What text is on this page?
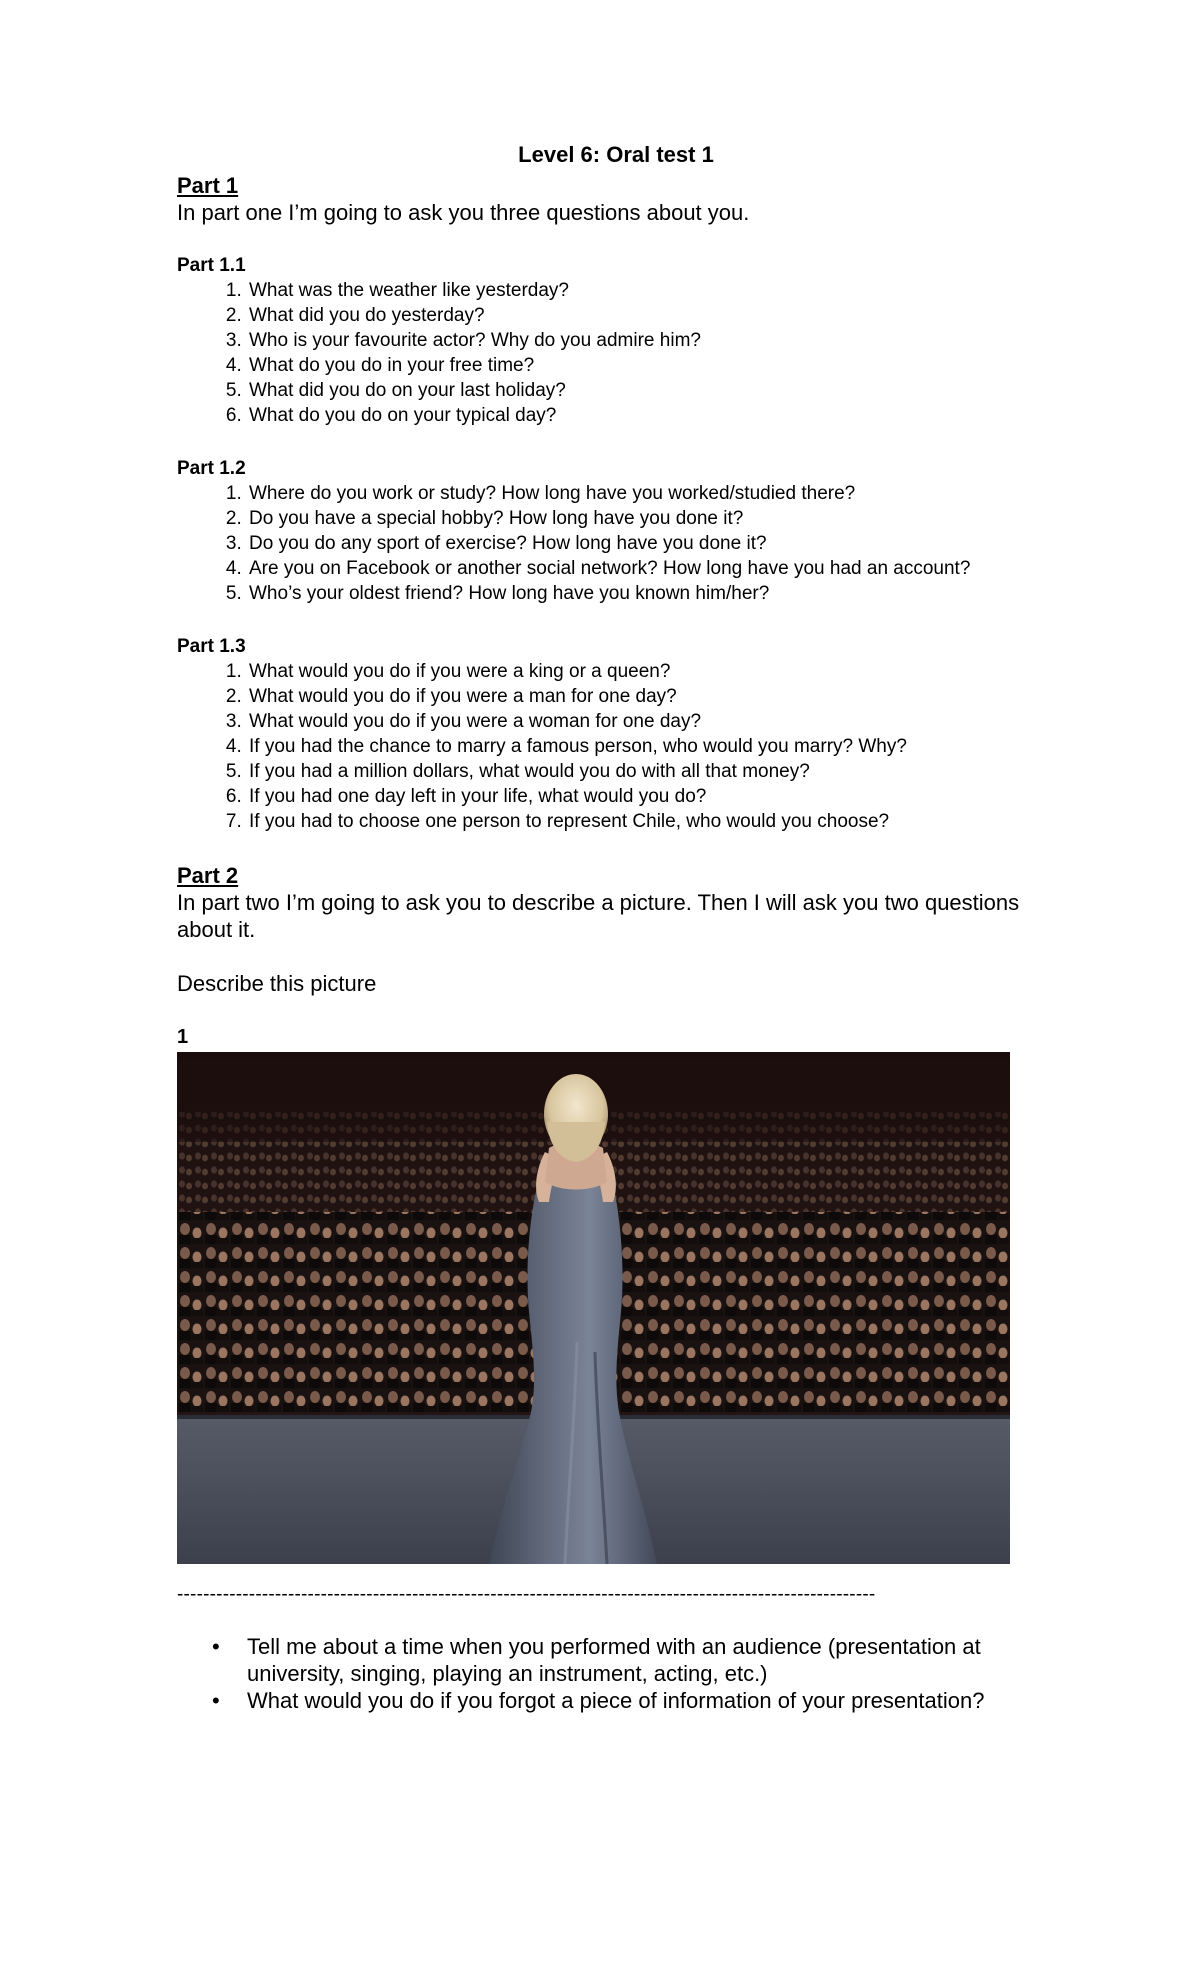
Level 6: Oral test 1
Part 1
In part one I’m going to ask you three questions about you.
Part 1.1
1. What was the weather like yesterday?
2. What did you do yesterday?
3. Who is your favourite actor? Why do you admire him?
4. What do you do in your free time?
5. What did you do on your last holiday?
6. What do you do on your typical day?
Part 1.2
1. Where do you work or study? How long have you worked/studied there?
2. Do you have a special hobby? How long have you done it?
3. Do you do any sport of exercise? How long have you done it?
4. Are you on Facebook or another social network? How long have you had an account?
5. Who’s your oldest friend? How long have you known him/her?
Part 1.3
1. What would you do if you were a king or a queen?
2. What would you do if you were a man for one day?
3. What would you do if you were a woman for one day?
4. If you had the chance to marry a famous person, who would you marry? Why?
5. If you had a million dollars, what would you do with all that money?
6. If you had one day left in your life, what would you do?
7. If you had to choose one person to represent Chile, who would you choose?
Part 2
In part two I’m going to ask you to describe a picture. Then I will ask you two questions about it.
Describe this picture
1
-----------------------------------------------------------------------------------------------------------
• Tell me about a time when you performed with an audience (presentation at university, singing, playing an instrument, acting, etc.)
• What would you do if you forgot a piece of information of your presentation?
